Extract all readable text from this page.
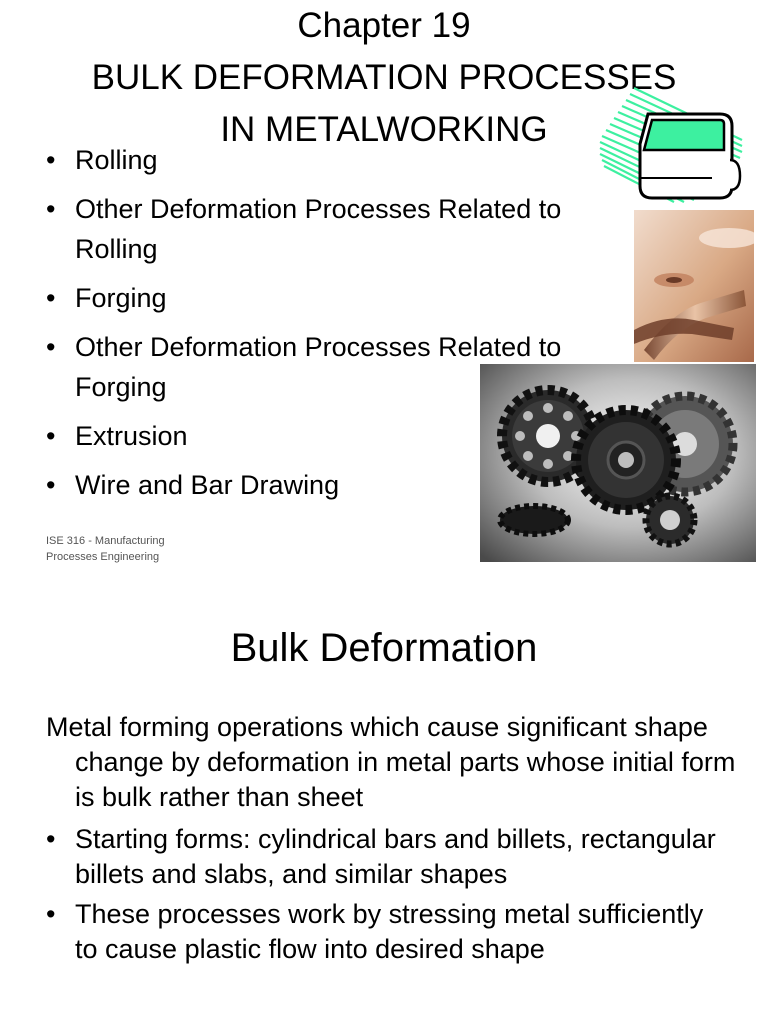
Chapter 19
BULK DEFORMATION PROCESSES
IN METALWORKING
• Rolling
• Other Deformation Processes Related to
Rolling
• Forging
• Other Deformation Processes Related to
Forging
• Extrusion
• Wire and Bar Drawing
ISE 316 - Manufacturing Processes Engineering
Bulk Deformation
Metal forming operations which cause significant shape change by deformation in metal parts whose initial form is bulk rather than sheet
• Starting forms: cylindrical bars and billets, rectangular billets and slabs, and similar shapes
• These processes work by stressing metal sufficiently to cause plastic flow into desired shape
